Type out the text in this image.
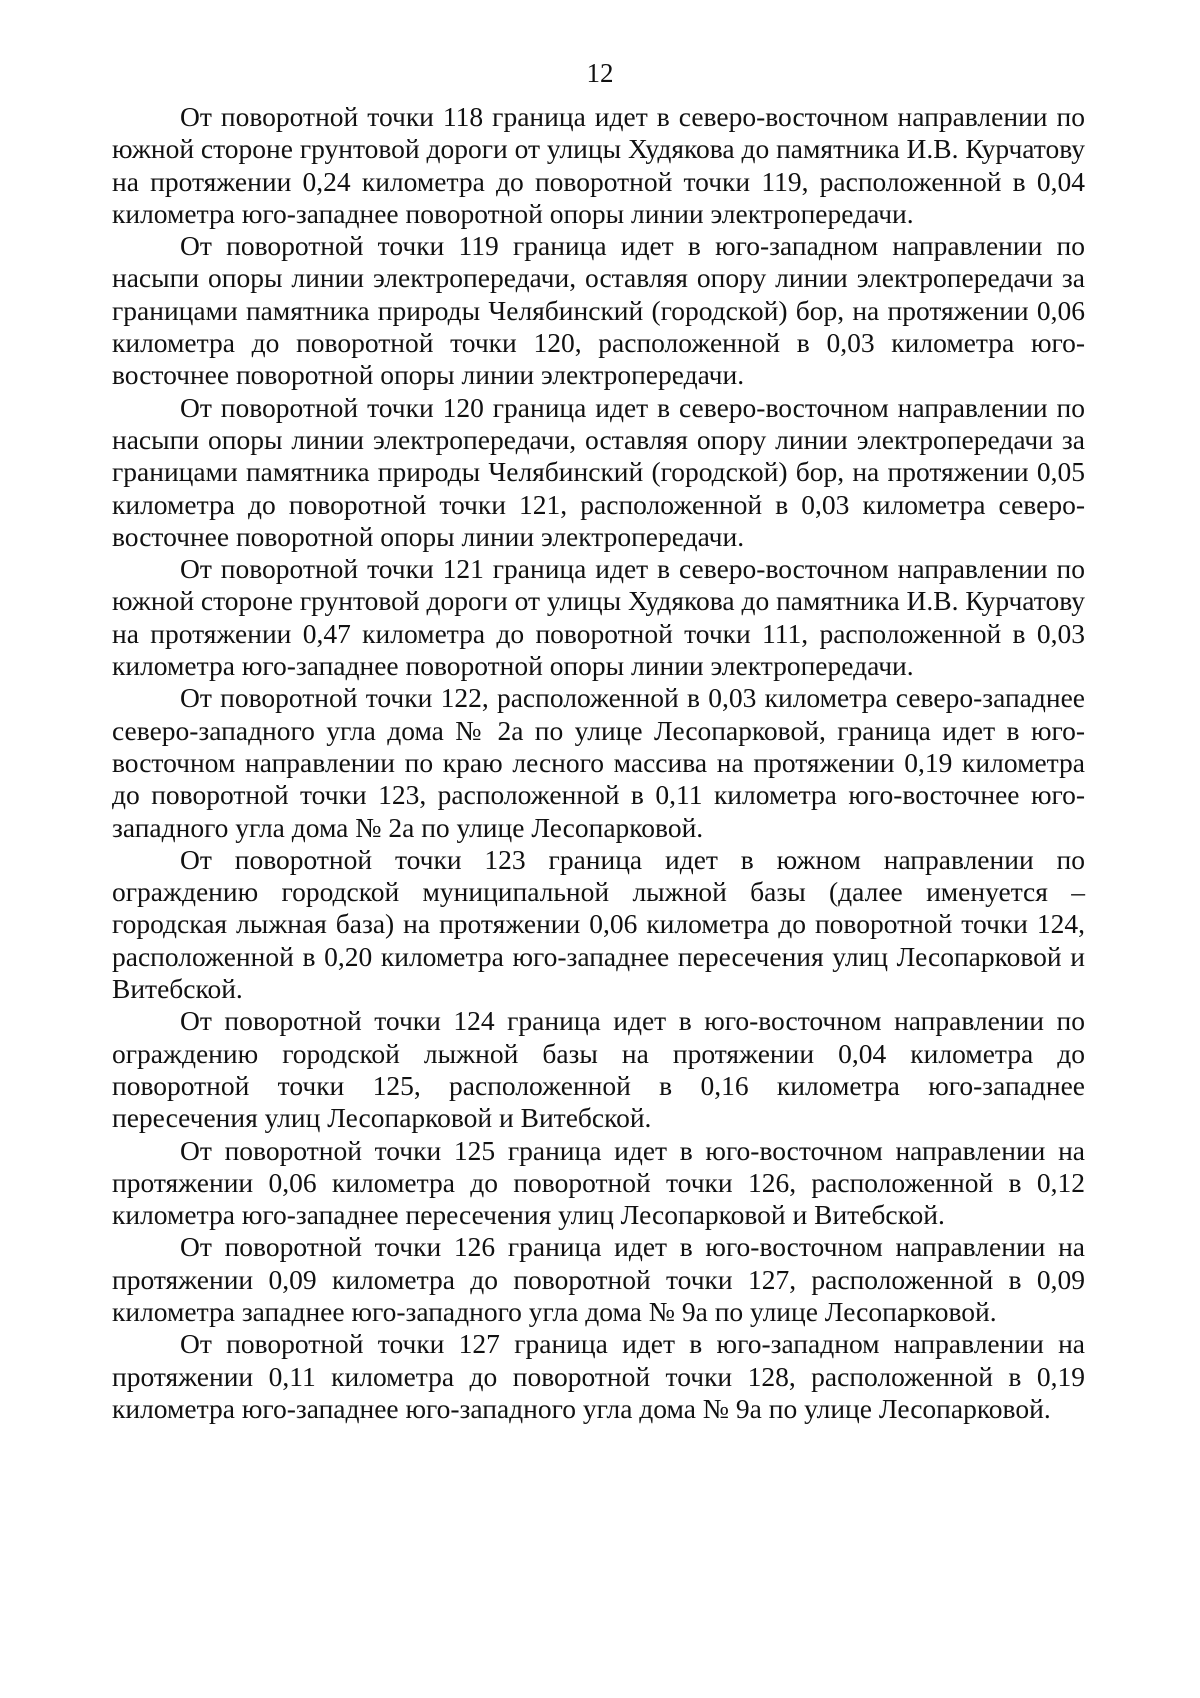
12

От поворотной точки 118 граница идет в северо-восточном направлении по южной стороне грунтовой дороги от улицы Худякова до памятника И.В. Курчатову на протяжении 0,24 километра до поворотной точки 119, расположенной в 0,04 километра юго-западнее поворотной опоры линии электропередачи.

От поворотной точки 119 граница идет в юго-западном направлении по насыпи опоры линии электропередачи, оставляя опору линии электропередачи за границами памятника природы Челябинский (городской) бор, на протяжении 0,06 километра до поворотной точки 120, расположенной в 0,03 километра юго-восточнее поворотной опоры линии электропередачи.

От поворотной точки 120 граница идет в северо-восточном направлении по насыпи опоры линии электропередачи, оставляя опору линии электропередачи за границами памятника природы Челябинский (городской) бор, на протяжении 0,05 километра до поворотной точки 121, расположенной в 0,03 километра северо-восточнее поворотной опоры линии электропередачи.

От поворотной точки 121 граница идет в северо-восточном направлении по южной стороне грунтовой дороги от улицы Худякова до памятника И.В. Курчатову на протяжении 0,47 километра до поворотной точки 111, расположенной в 0,03 километра юго-западнее поворотной опоры линии электропередачи.

От поворотной точки 122, расположенной в 0,03 километра северо-западнее северо-западного угла дома № 2а по улице Лесопарковой, граница идет в юго-восточном направлении по краю лесного массива на протяжении 0,19 километра до поворотной точки 123, расположенной в 0,11 километра юго-восточнее юго-западного угла дома № 2а по улице Лесопарковой.

От поворотной точки 123 граница идет в южном направлении по ограждению городской муниципальной лыжной базы (далее именуется – городская лыжная база) на протяжении 0,06 километра до поворотной точки 124, расположенной в 0,20 километра юго-западнее пересечения улиц Лесопарковой и Витебской.

От поворотной точки 124 граница идет в юго-восточном направлении по ограждению городской лыжной базы на протяжении 0,04 километра до поворотной точки 125, расположенной в 0,16 километра юго-западнее пересечения улиц Лесопарковой и Витебской.

От поворотной точки 125 граница идет в юго-восточном направлении на протяжении 0,06 километра до поворотной точки 126, расположенной в 0,12 километра юго-западнее пересечения улиц Лесопарковой и Витебской.

От поворотной точки 126 граница идет в юго-восточном направлении на протяжении 0,09 километра до поворотной точки 127, расположенной в 0,09 километра западнее юго-западного угла дома № 9а по улице Лесопарковой.

От поворотной точки 127 граница идет в юго-западном направлении на протяжении 0,11 километра до поворотной точки 128, расположенной в 0,19 километра юго-западнее юго-западного угла дома № 9а по улице Лесопарковой.
